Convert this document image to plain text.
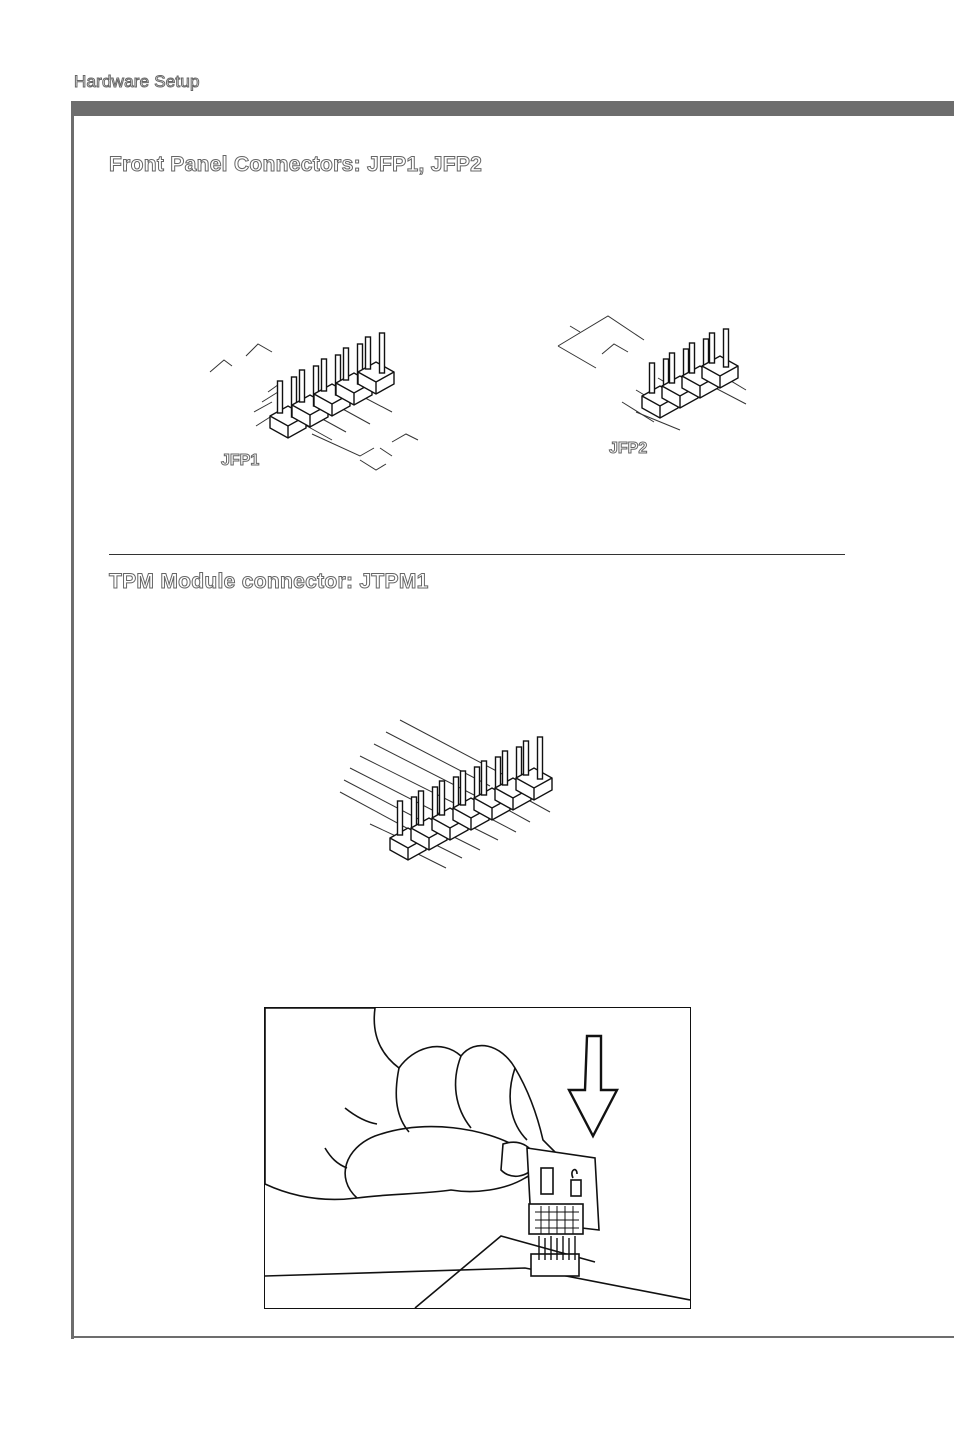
Hardware Setup
Front Panel Connectors: JFP1, JFP2
JFP1
JFP2
TPM Module connector: JTPM1
